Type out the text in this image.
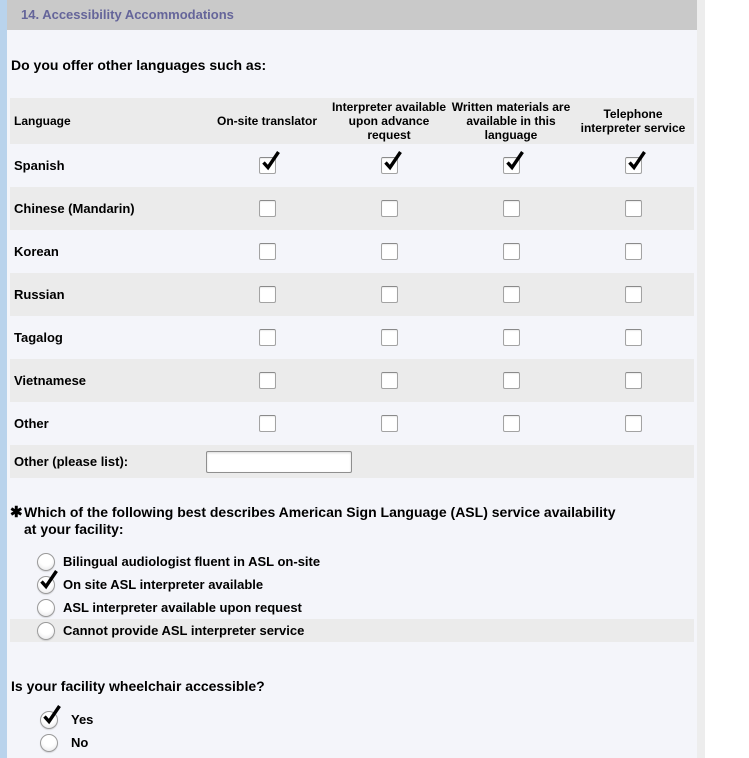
14. Accessibility Accommodations
Do you offer other languages such as:
Language	On-site translator
Interpreter available upon advance request
Written materials are available in this language
Telephone interpreter service
Spanish
Chinese (Mandarin)
Korean
Russian
Tagalog
Vietnamese
Other
Other (please list):
✱ Which of the following best describes American Sign Language (ASL) service availability at your facility:
Bilingual audiologist fluent in ASL on-site
On site ASL interpreter available
ASL interpreter available upon request
Cannot provide ASL interpreter service
Is your facility wheelchair accessible?
Yes
No
